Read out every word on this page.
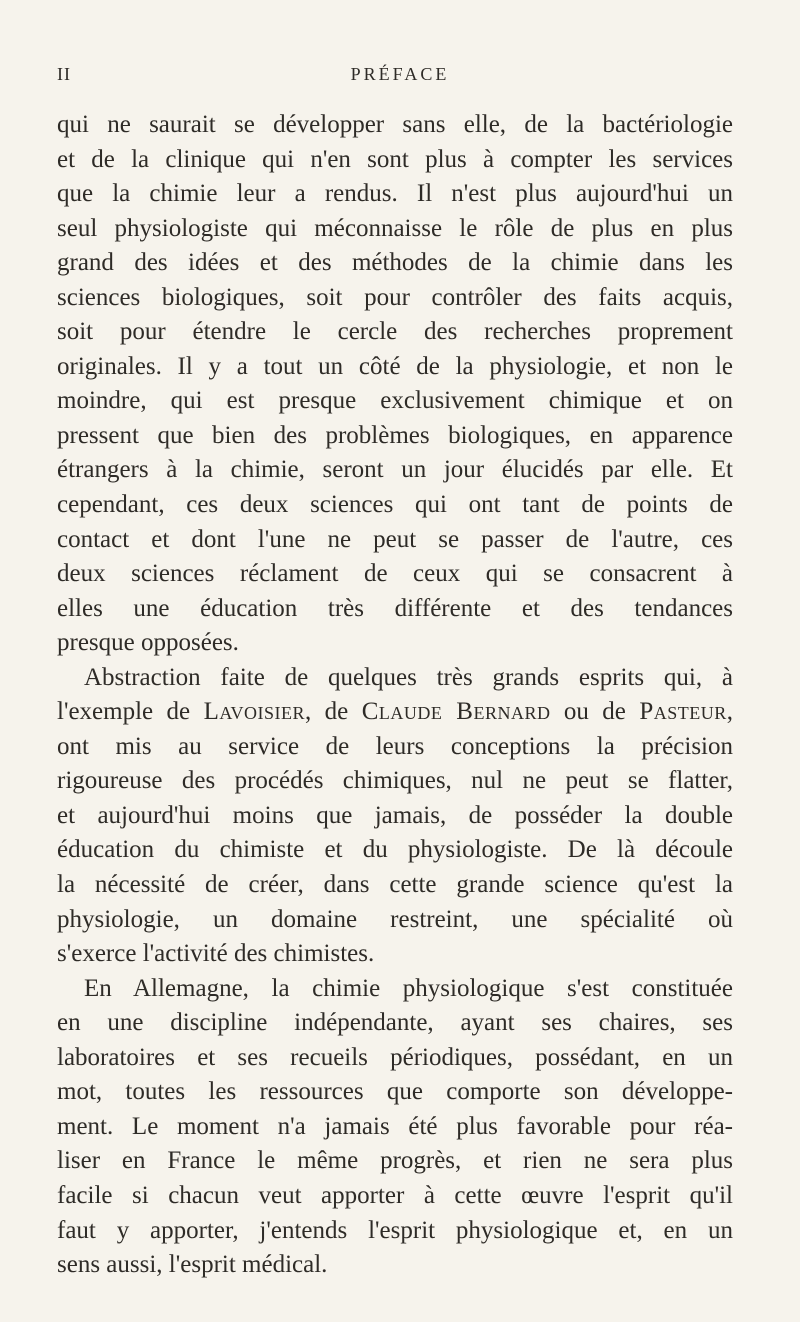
II	PRÉFACE
qui ne saurait se développer sans elle, de la bactériologie
et de la clinique qui n'en sont plus à compter les services
que la chimie leur a rendus. Il n'est plus aujourd'hui un
seul physiologiste qui méconnaisse le rôle de plus en plus
grand des idées et des méthodes de la chimie dans les
sciences biologiques, soit pour contrôler des faits acquis,
soit pour étendre le cercle des recherches proprement
originales. Il y a tout un côté de la physiologie, et non le
moindre, qui est presque exclusivement chimique et on
pressent que bien des problèmes biologiques, en apparence
étrangers à la chimie, seront un jour élucidés par elle. Et
cependant, ces deux sciences qui ont tant de points de
contact et dont l'une ne peut se passer de l'autre, ces
deux sciences réclament de ceux qui se consacrent à
elles une éducation très différente et des tendances
presque opposées.
Abstraction faite de quelques très grands esprits qui, à
l'exemple de Lavoisier, de Claude Bernard ou de Pasteur,
ont mis au service de leurs conceptions la précision
rigoureuse des procédés chimiques, nul ne peut se flatter,
et aujourd'hui moins que jamais, de posséder la double
éducation du chimiste et du physiologiste. De là découle
la nécessité de créer, dans cette grande science qu'est la
physiologie, un domaine restreint, une spécialité où
s'exerce l'activité des chimistes.
En Allemagne, la chimie physiologique s'est constituée
en une discipline indépendante, ayant ses chaires, ses
laboratoires et ses recueils périodiques, possédant, en un
mot, toutes les ressources que comporte son développe-
ment. Le moment n'a jamais été plus favorable pour réa-
liser en France le même progrès, et rien ne sera plus
facile si chacun veut apporter à cette œuvre l'esprit qu'il
faut y apporter, j'entends l'esprit physiologique et, en un
sens aussi, l'esprit médical.
